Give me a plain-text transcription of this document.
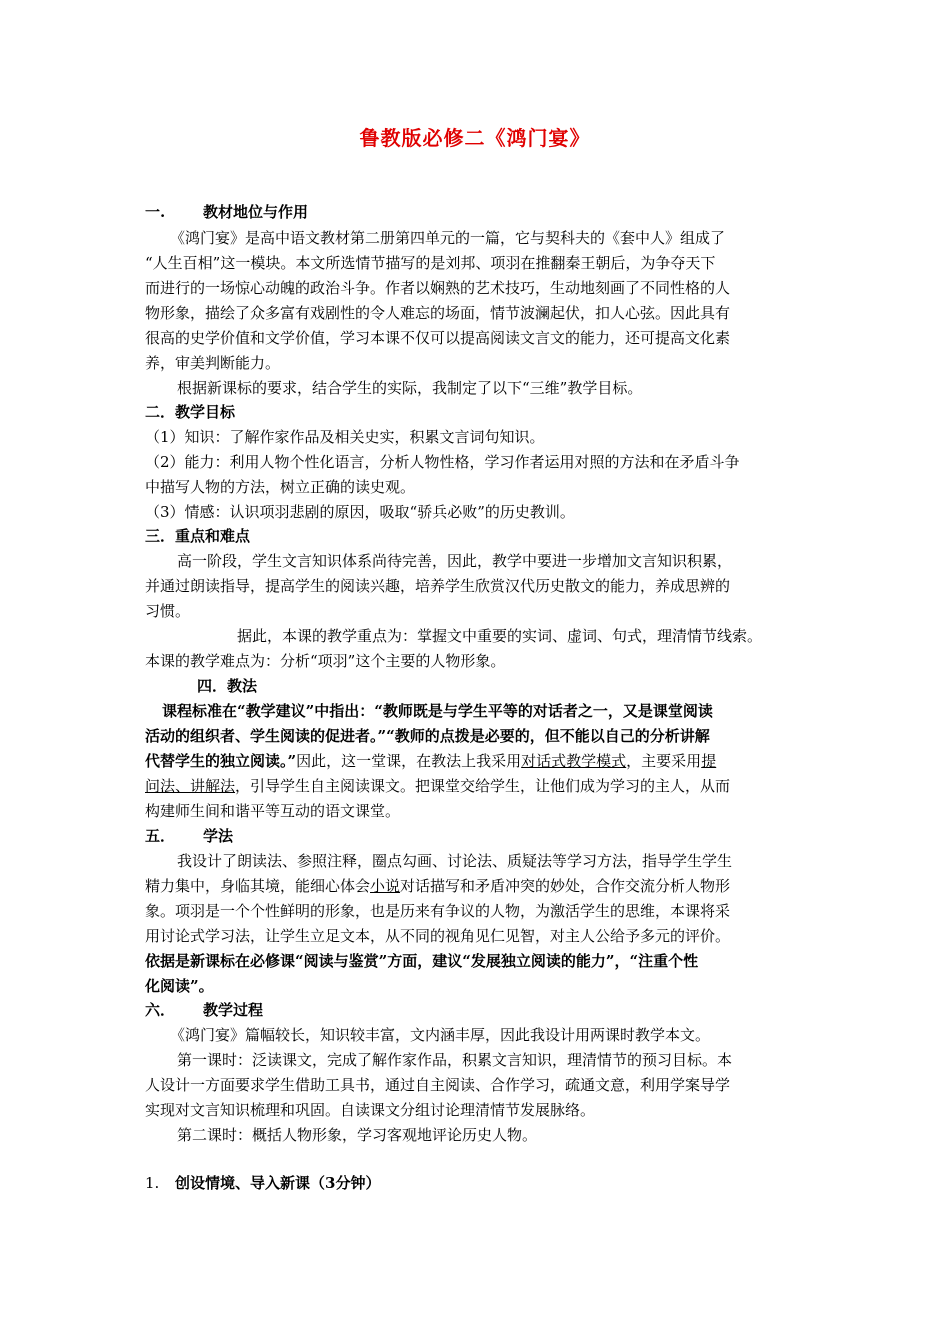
鲁教版必修二《鸿门宴》
一.	教材地位与作用
《鸿门宴》是高中语文教材第二册第四单元的一篇，它与契科夫的《套中人》组成了
“人生百相”这一模块。本文所选情节描写的是刘邦、项羽在推翻秦王朝后，为争夺天下
而进行的一场惊心动魄的政治斗争。作者以娴熟的艺术技巧，生动地刻画了不同性格的人
物形象，描绘了众多富有戏剧性的令人难忘的场面，情节波澜起伏，扣人心弦。因此具有
很高的史学价值和文学价值，学习本课不仅可以提高阅读文言文的能力，还可提高文化素
养，审美判断能力。
根据新课标的要求，结合学生的实际，我制定了以下“三维”教学目标。
二．教学目标
（1）知识：了解作家作品及相关史实，积累文言词句知识。
（2）能力：利用人物个性化语言，分析人物性格，学习作者运用对照的方法和在矛盾斗争
中描写人物的方法，树立正确的读史观。
（3）情感：认识项羽悲剧的原因，吸取“骄兵必败”的历史教训。
三．重点和难点
高一阶段，学生文言知识体系尚待完善，因此，教学中要进一步增加文言知识积累，
并通过朗读指导，提高学生的阅读兴趣，培养学生欣赏汉代历史散文的能力，养成思辨的
习惯。
据此，本课的教学重点为：掌握文中重要的实词、虚词、句式，理清情节线索。
本课的教学难点为：分析“项羽”这个主要的人物形象。
四．教法
课程标准在“教学建议”中指出：“教师既是与学生平等的对话者之一，又是课堂阅读
活动的组织者、学生阅读的促进者。”“教师的点拨是必要的，但不能以自己的分析讲解
代替学生的独立阅读。”因此，这一堂课，在教法上我采用对话式教学模式，主要采用提
问法、讲解法，引导学生自主阅读课文。把课堂交给学生，让他们成为学习的主人，从而
构建师生间和谐平等互动的语文课堂。
五． 学法
我设计了朗读法、参照注释，圈点勾画、讨论法、质疑法等学习方法，指导学生学生
精力集中，身临其境，能细心体会小说对话描写和矛盾冲突的妙处，合作交流分析人物形
象。项羽是一个个性鲜明的形象，也是历来有争议的人物，为激活学生的思维，本课将采
用讨论式学习法，让学生立足文本，从不同的视角见仁见智，对主人公给予多元的评价。
依据是新课标在必修课“阅读与鉴赏”方面，建议“发展独立阅读的能力”，“注重个性
化阅读”。
六． 教学过程
《鸿门宴》篇幅较长，知识较丰富，文内涵丰厚，因此我设计用两课时教学本文。
第一课时：泛读课文，完成了解作家作品，积累文言知识，理清情节的预习目标。本
人设计一方面要求学生借助工具书，通过自主阅读、合作学习，疏通文意，利用学案导学
实现对文言知识梳理和巩固。自读课文分组讨论理清情节发展脉络。
第二课时：概括人物形象，学习客观地评论历史人物。
1. 创设情境、导入新课（3分钟）
